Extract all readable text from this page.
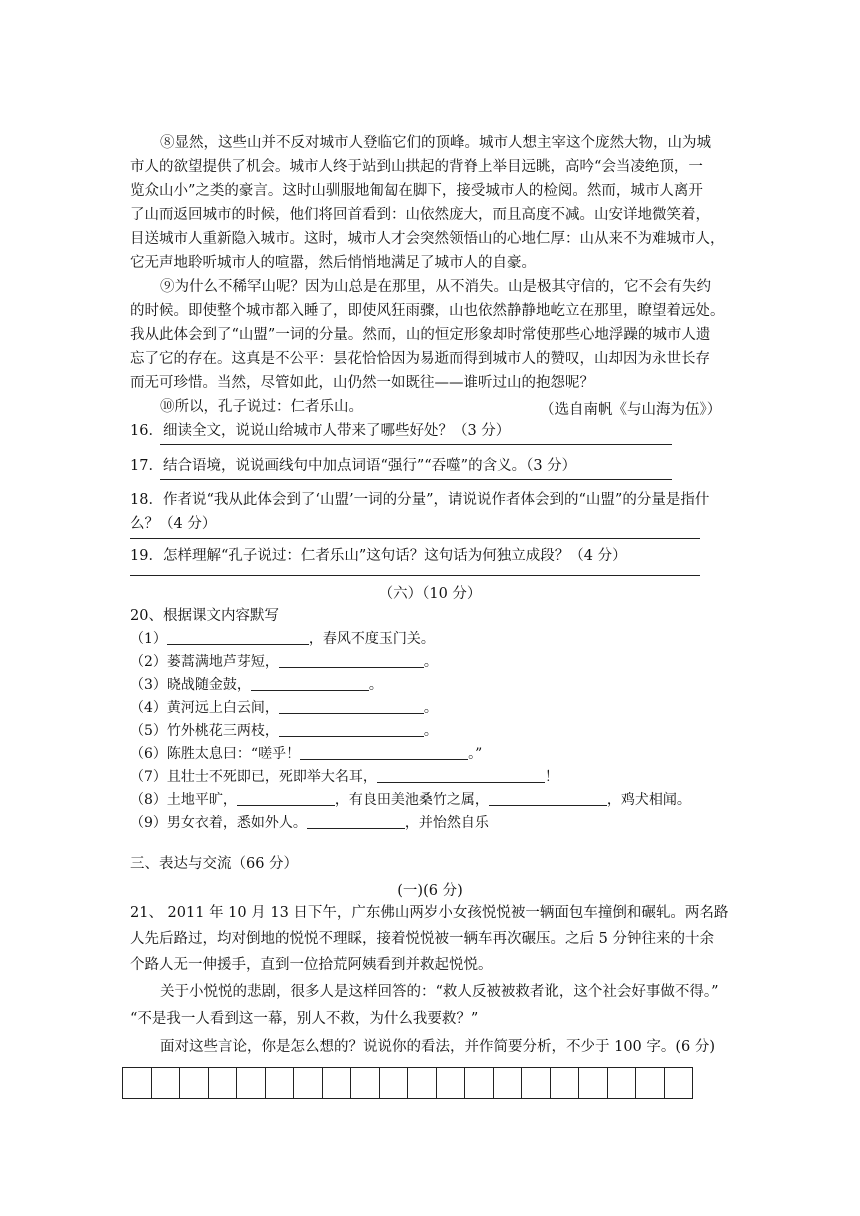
⑧显然，这些山并不反对城市人登临它们的顶峰。城市人想主宰这个庞然大物，山为城
市人的欲望提供了机会。城市人终于站到山拱起的背脊上举目远眺，高吟“会当凌绝顶，一
览众山小”之类的豪言。这时山驯服地匍匐在脚下，接受城市人的检阅。然而，城市人离开
了山而返回城市的时候，他们将回首看到：山依然庞大，而且高度不减。山安详地微笑着，
目送城市人重新隐入城市。这时，城市人才会突然领悟山的心地仁厚：山从来不为难城市人，
它无声地聆听城市人的喧嚣，然后悄悄地满足了城市人的自豪。
⑨为什么不稀罕山呢？因为山总是在那里，从不消失。山是极其守信的，它不会有失约
的时候。即使整个城市都入睡了，即使风狂雨骤，山也依然静静地屹立在那里，瞭望着远处。
我从此体会到了“山盟”一词的分量。然而，山的恒定形象却时常使那些心地浮躁的城市人遗
忘了它的存在。这真是不公平：昙花恰恰因为易逝而得到城市人的赞叹，山却因为永世长存
而无可珍惜。当然，尽管如此，山仍然一如既往——谁听过山的抱怨呢？
⑩所以，孔子说过：仁者乐山。	（选自南帆《与山海为伍》）
16．细读全文，说说山给城市人带来了哪些好处？（3 分）
17．结合语境，说说画线句中加点词语“强行”“吞噬”的含义。（3 分）
18．作者说“我从此体会到了‘山盟’一词的分量”，请说说作者体会到的“山盟”的分量是指什
么？（4 分）
19．怎样理解“孔子说过：仁者乐山”这句话？这句话为何独立成段？（4 分）
（六）（10 分）
20、根据课文内容默写
（1）	，春风不度玉门关。
（2）蒌蒿满地芦芽短，	。
（3）晓战随金鼓，	。
（4）黄河远上白云间，	。
（5）竹外桃花三两枝，	。
（6）陈胜太息曰：“嗟乎！	。”
（7）且壮士不死即已，死即举大名耳，	！
（8）土地平旷，	，有良田美池桑竹之属，	，鸡犬相闻。
（9）男女衣着，悉如外人。	，并怡然自乐
三、表达与交流（66 分）
(一)(6 分)
21、 2011 年 10 月 13 日下午，广东佛山两岁小女孩悦悦被一辆面包车撞倒和碾轧。两名路
人先后路过，均对倒地的悦悦不理睬，接着悦悦被一辆车再次碾压。之后 5 分钟往来的十余
个路人无一伸援手，直到一位拾荒阿姨看到并救起悦悦。
关于小悦悦的悲剧，很多人是这样回答的：“救人反被被救者讹，这个社会好事做不得。”
“不是我一人看到这一幕，别人不救，为什么我要救？”
面对这些言论，你是怎么想的？说说你的看法，并作简要分析，不少于 100 字。(6 分)
